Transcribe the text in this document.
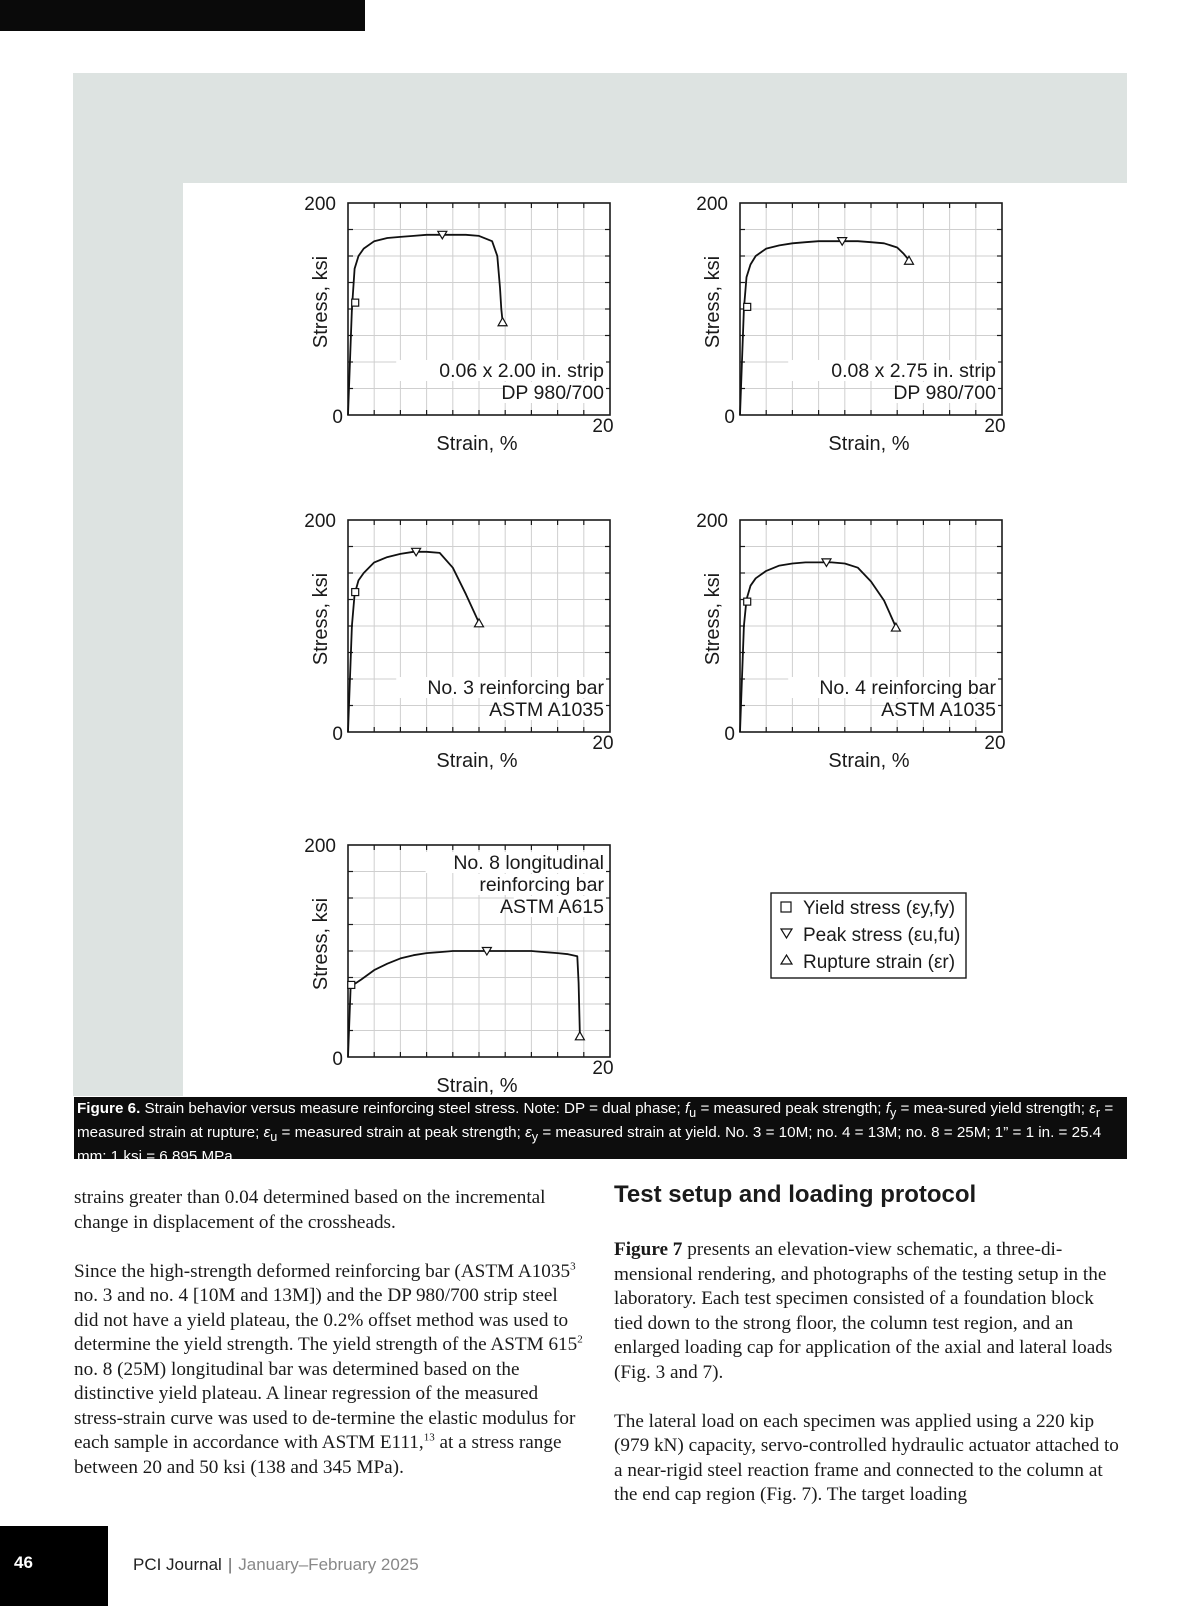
200
0	20
Strain, %
Stress, ksi
0.06 x 2.00 in. strip
DP 980/700
200
0	20
Strain, %
Stress, ksi
0.08 x 2.75 in. strip
DP 980/700
200
0	20
Strain, %
Stress, ksi
No. 3 reinforcing bar
ASTM A1035
200
0	20
Strain, %
Stress, ksi
No. 4 reinforcing bar
ASTM A1035
200
0	20
Strain, %
Stress, ksi
No. 8 longitudinal
reinforcing bar
ASTM A615	Yield stress (εy,fy)
Peak stress (εu,fu)
Rupture strain (εr)
Figure 6. Strain behavior versus measure reinforcing steel stress. Note: DP = dual phase; $f_u$ = measured peak strength; $f_y$ = mea-sured yield strength; $\varepsilon_r$ = measured strain at rupture; $\varepsilon_u$ = measured strain at peak strength; $\varepsilon_y$ = measured strain at yield. No. 3 = 10M; no. 4 = 13M; no. 8 = 25M; 1” = 1 in. = 25.4 mm; 1 ksi = 6.895 MPa.

strains greater than 0.04 determined based on the incremental change in displacement of the crossheads.

Since the high-strength deformed reinforcing bar (ASTM A1035$^3$ no. 3 and no. 4 [10M and 13M]) and the DP 980/700 strip steel did not have a yield plateau, the 0.2% offset method was used to determine the yield strength. The yield strength of the ASTM $615^2$ no. 8 (25M) longitudinal bar was determined based on the distinctive yield plateau. A linear regression of the measured stress-strain curve was used to de-termine the elastic modulus for each sample in accordance with ASTM E111,13 at a stress range between 20 and 50 ksi (138 and 345 MPa).

Test setup and loading protocol

Figure 7 presents an elevation-view schematic, a three-di-mensional rendering, and photographs of the testing setup in the laboratory. Each test specimen consisted of a foundation block tied down to the strong floor, the column test region, and an enlarged loading cap for application of the axial and lateral loads (Fig. 3 and 7).

The lateral load on each specimen was applied using a 220 kip (979 kN) capacity, servo-controlled hydraulic actuator attached to a near-rigid steel reaction frame and connected to the column at the end cap region (Fig. 7). The target loading

46	PCI Journal | January–February 2025
